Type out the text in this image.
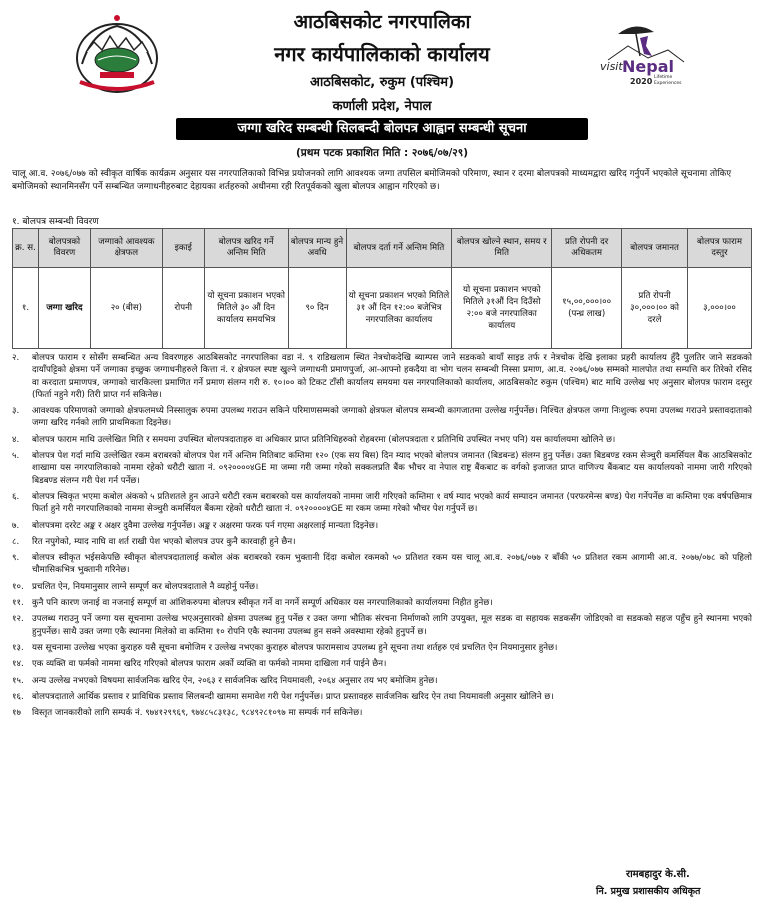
visit Nepal
2020 Lifetime
Experiences
आठबिसकोट नगरपालिका
नगर कार्यपालिकाको कार्यालय
आठबिसकोट, रुकुम (पश्चिम)
कर्णाली प्रदेश, नेपाल
जग्गा खरिद सम्बन्धी सिलबन्दी बोलपत्र आह्वान सम्बन्धी सूचना
(प्रथम पटक प्रकाशित मिति : २०७६/०७/२९)
चालू आ.व. २०७६/०७७ को स्वीकृत वार्षिक कार्यक्रम अनुसार यस नगरपालिकाको विभिन्न प्रयोजनको लागि आवश्यक जग्गा तपसिल बमोजिमको परिमाण, स्थान र दरमा बोलपत्रको माध्यमद्वारा खरिद गर्नुपर्ने भएकोले सूचनामा तोकिए बमोजिमको स्थानमिनसँग पर्ने सम्बन्धित जग्गाधनीहरुबाट देहायका शर्तहरुको अधीनमा रही रितपूर्वकको खुला बोलपत्र आह्वान गरिएको छ।
१. बोलपत्र सम्बन्धी विवरण
क्र. स.	बोलपत्रको विवरण	जग्गाको आवश्यक क्षेत्रफल	इकाई	बोलपत्र खरिद गर्ने अन्तिम मिति	बोलपत्र मान्य हुने अवधि	बोलपत्र दर्ता गर्ने अन्तिम मिति	बोलपत्र खोल्ने स्थान, समय र मिति	प्रति रोपनी दर अधिकतम	बोलपत्र जमानत	बोलपत्र फाराम दस्तुर
१.	जग्गा खरिद	२० (बीस)	रोपनी	यो सूचना प्रकाशन भएको मितिले ३० औं दिन कार्यालय समयभित्र	९० दिन	यो सूचना प्रकाशन भएको मितिले ३१ औं दिन १२:०० बजेभित्र नगरपालिका कार्यालय	यो सूचना प्रकाशन भएको मितिले ३१औं दिन दिउँसो २:०० बजे नगरपालिका कार्यालय	१५,००,०००।०० (पन्ध्र लाख)	प्रति रोपनी ३०,०००।०० को दरले	३,०००।००
२.	बोलपत्र फाराम र सोसँग सम्बन्धित अन्य विवरणहरु आठबिसकोट नगरपालिका वडा नं. ९ राडिखलाम स्थित नेत्रचोकदेखि ब्याम्पस जाने सडकको बायाँ साइड तर्फ र नेत्रचोक देखि इलाका प्रहरी कार्यालय हुँदै पुलतिर जाने सडकको दायाँपट्टिको क्षेत्रमा पर्ने जग्गाका इच्छुक जग्गाधनीहरुले कित्ता नं. र क्षेत्रफल स्पष्ट खुल्ने जग्गाधनी प्रमाणपुर्जा, आ-आफ्नो हकदैया वा भोग चलन सम्बन्धी निस्सा प्रमाण, आ.व. २०७६/०७७ सम्मको मालपोत तथा सम्पत्ति कर तिरेको रसिद वा करदाता प्रमाणपत्र, जग्गाको चारकिल्ला प्रमाणित गर्ने प्रमाण संलग्न गरी रु. १०।०० को टिकट टाँसी कार्यालय समयमा यस नगरपालिकाको कार्यालय, आठबिसकोट रुकुम (पश्चिम) बाट माथि उल्लेख भए अनुसार बोलपत्र फाराम दस्तुर (फिर्ता नहुने गरी) तिरी प्राप्त गर्न सकिनेछ।
३.	आवश्यक परिमाणको जग्गाको क्षेत्रफलमध्ये निस्सालुक रुपमा उपलब्ध गराउन सकिने परिमाणसम्मको जग्गाको क्षेत्रफल बोलपत्र सम्बन्धी कागजातमा उल्लेख गर्नुपर्नेछ। निश्चित क्षेत्रफल जग्गा निःशुल्क रुपमा उपलब्ध गराउने प्रस्तावदाताको जग्गा खरिद गर्नको लागि प्राथमिकता दिइनेछ।
४.	बोलपत्र फाराम माथि उल्लेखित मिति र समयमा उपस्थित बोलपत्रदाताहरु वा अधिकार प्राप्त प्रतिनिधिहरुको रोहबरमा (बोलपत्रदाता र प्रतिनिधि उपस्थित नभए पनि) यस कार्यालयमा खोलिने छ।
५.	बोलपत्र पेश गर्दा माथि उल्लेखित रकम बराबरको बोलपत्र पेश गर्ने अन्तिम मितिबाट कम्तिमा १२० (एक सय बिस) दिन म्याद भएको बोलपत्र जमानत (बिडबन्ड) संलग्न हुनु पर्नेछ। उक्त बिडबण्ड रकम सेञ्चुरी कमर्सियल बैंक आठबिसकोट शाखामा यस नगरपालिकाको नाममा रहेको धरौटी खाता नं. ०९२००००४GE मा जम्मा गरी जम्मा गरेको सक्कलप्रति बैंक भौचर वा नेपाल राष्ट्र बैंकबाट क वर्गको इजाजत प्राप्त वाणिज्य बैंकबाट यस कार्यालयको नाममा जारी गरिएको बिडबण्ड संलग्न गरी पेश गर्न पर्नेछ।
६.	बोलपत्र स्विकृत भएमा कबोल अंकको ५ प्रतिशतले हुन आउने धरौटी रकम बराबरको यस कार्यालयको नाममा जारी गरिएको कम्तिमा १ वर्ष म्याद भएको कार्य सम्पादन जमानत (परफरमेन्स बण्ड) पेश गर्नेपर्नेछ वा कम्तिमा एक वर्षपछिमात्र फिर्ता हुने गरी नगरपालिकाको नाममा सेञ्चुरी कमर्सियल बैंकमा रहेको धरौटी खाता नं. ०९२००००४GE मा रकम जम्मा गरेको भौचर पेश गर्नुपर्ने छ।
७.	बोलपत्रमा दररेट अङ्क र अक्षर दुवैमा उल्लेख गर्नुपर्नेछ। अङ्क र अक्षरमा फरक पर्न गएमा अक्षरलाई मान्यता दिइनेछ।
८.	रित नपुगेको, म्याद नाघि वा शर्त राखी पेश भएको बोलपत्र उपर कुनै कारवाही हुने छैन।
९.	बोलपत्र स्वीकृत भईसकेपछि स्वीकृत बोलपत्रदातालाई कबोल अंक बराबरको रकम भुक्तानी दिंदा कबोल रकमको ५० प्रतिशत रकम यस चालू आ.व. २०७६/०७७ र बाँकी ५० प्रतिशत रकम आगामी आ.व. २०७७/०७८ को पहिलो चौमासिकभित्र भुक्तानी गरिनेछ।
१०. प्रचलित ऐन, नियमानुसार लाग्ने सम्पूर्ण कर बोलपत्रदाताले नै व्यहोर्नु पर्नेछ।
११. कुनै पनि कारण जनाई वा नजनाई सम्पूर्ण वा आंशिकरुपमा बोलपत्र स्वीकृत गर्ने वा नगर्ने सम्पूर्ण अधिकार यस नगरपालिकाको कार्यालयमा निहीत हुनेछ।
१२. उपलब्ध गराउनु पर्ने जग्गा यस सूचनामा उल्लेख भएअनुसारको क्षेत्रमा उपलब्ध हुनु पर्नेछ र उक्त जग्गा भौतिक संरचना निर्माणको लागि उपयुक्त, मूल सडक वा सहायक सडकसँग जोडिएको वा सडकको सहज पहुँच हुने स्थानमा भएको हुनुपर्नेछ। साथै उक्त जग्गा एकै स्थानमा मिलेको वा कम्तिमा १० रोपनि एकै स्थानमा उपलब्ध हुन सक्ने अवस्थामा रहेको हुनुपर्ने छ।
१३. यस सूचनामा उल्लेख भएका कुराहरु यसै सूचना बमोजिम र उल्लेख नभएका कुराहरु बोलपत्र फारामसाथ उपलब्ध हुने सूचना तथा शर्तहरु एवं प्रचलित ऐन नियमानुसार हुनेछ।
१४. एक व्यक्ति वा फर्मको नाममा खरिद गरिएको बोलपत्र फाराम अर्को व्यक्ति वा फर्मको नाममा दाखिला गर्न पाईने छैन।
१५. अन्य उल्लेख नभएको विषयमा सार्वजनिक खरिद ऐन, २०६३ र सार्वजनिक खरिद नियमावली, २०६४ अनुसार तय भए बमोजिम हुनेछ।
१६. बोलपत्रदाताले आर्थिक प्रस्ताव र प्राविधिक प्रस्ताव सिलबन्दी खाममा समावेश गरी पेश गर्नुपर्नेछ। प्राप्त प्रस्तावहरु सार्वजनिक खरिद ऐन तथा नियमावली अनुसार खोलिने छ।
१७	विस्तृत जानकारीको लागि सम्पर्क नं. ९७४१२९९६९, ९७४८५८३१३८, ९८४९२८१०९७ मा सम्पर्क गर्न सकिनेछ।
रामबहादुर के.सी.
नि. प्रमुख प्रशासकीय अधिकृत
